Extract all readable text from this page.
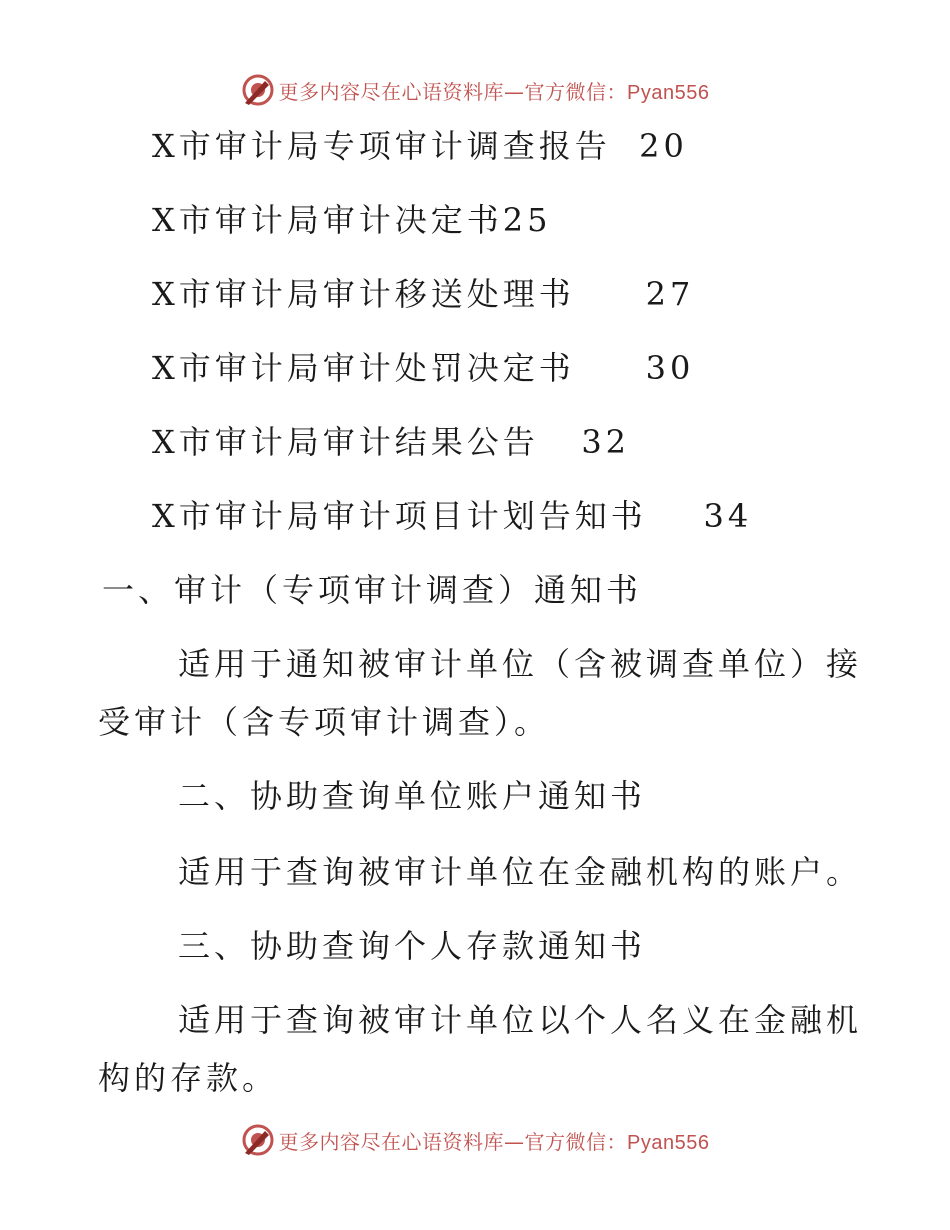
更多内容尽在心语资料库—官方微信：Pyan556
X市审计局专项审计调查报告 20
X市审计局审计决定书25
X市审计局审计移送处理书 27
X市审计局审计处罚决定书 30
X市审计局审计结果公告 32
X市审计局审计项目计划告知书 34
一、审计（专项审计调查）通知书
适用于通知被审计单位（含被调查单位）接
受审计（含专项审计调查）。
二、协助查询单位账户通知书
适用于查询被审计单位在金融机构的账户。
三、协助查询个人存款通知书
适用于查询被审计单位以个人名义在金融机
构的存款。
更多内容尽在心语资料库—官方微信：Pyan556
